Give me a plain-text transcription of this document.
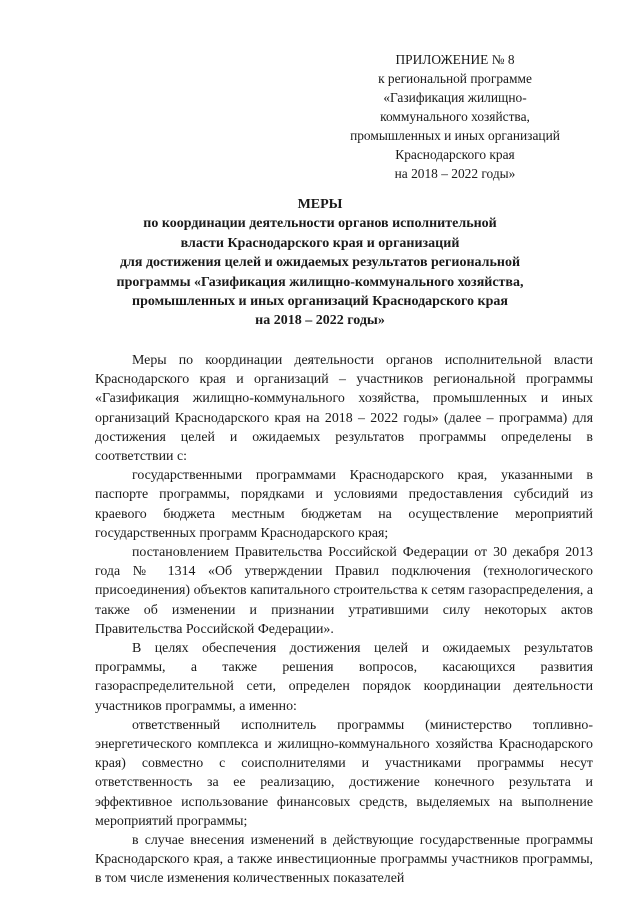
ПРИЛОЖЕНИЕ № 8
к региональной программе
«Газификация жилищно-
коммунального хозяйства,
промышленных и иных организаций
Краснодарского края
на 2018 – 2022 годы»
МЕРЫ
по координации деятельности органов исполнительной
власти Краснодарского края и организаций
для достижения целей и ожидаемых результатов региональной
программы «Газификация жилищно-коммунального хозяйства,
промышленных и иных организаций Краснодарского края
на 2018 – 2022 годы»

Меры по координации деятельности органов исполнительной власти Краснодарского края и организаций – участников региональной программы «Газификация жилищно-коммунального хозяйства, промышленных и иных организаций Краснодарского края на 2018 – 2022 годы» (далее – программа) для достижения целей и ожидаемых результатов программы определены в соответствии с:

государственными программами Краснодарского края, указанными в паспорте программы, порядками и условиями предоставления субсидий из краевого бюджета местным бюджетам на осуществление мероприятий государственных программ Краснодарского края;

постановлением Правительства Российской Федерации от 30 декабря 2013 года № 1314 «Об утверждении Правил подключения (технологического присоединения) объектов капитального строительства к сетям газораспределения, а также об изменении и признании утратившими силу некоторых актов Правительства Российской Федерации».

В целях обеспечения достижения целей и ожидаемых результатов программы, а также решения вопросов, касающихся развития газораспределительной сети, определен порядок координации деятельности участников программы, а именно:

ответственный исполнитель программы (министерство топливно-энергетического комплекса и жилищно-коммунального хозяйства Краснодарского края) совместно с соисполнителями и участниками программы несут ответственность за ее реализацию, достижение конечного результата и эффективное использование финансовых средств, выделяемых на выполнение мероприятий программы;

в случае внесения изменений в действующие государственные программы Краснодарского края, а также инвестиционные программы участников программы, в том числе изменения количественных показателей
